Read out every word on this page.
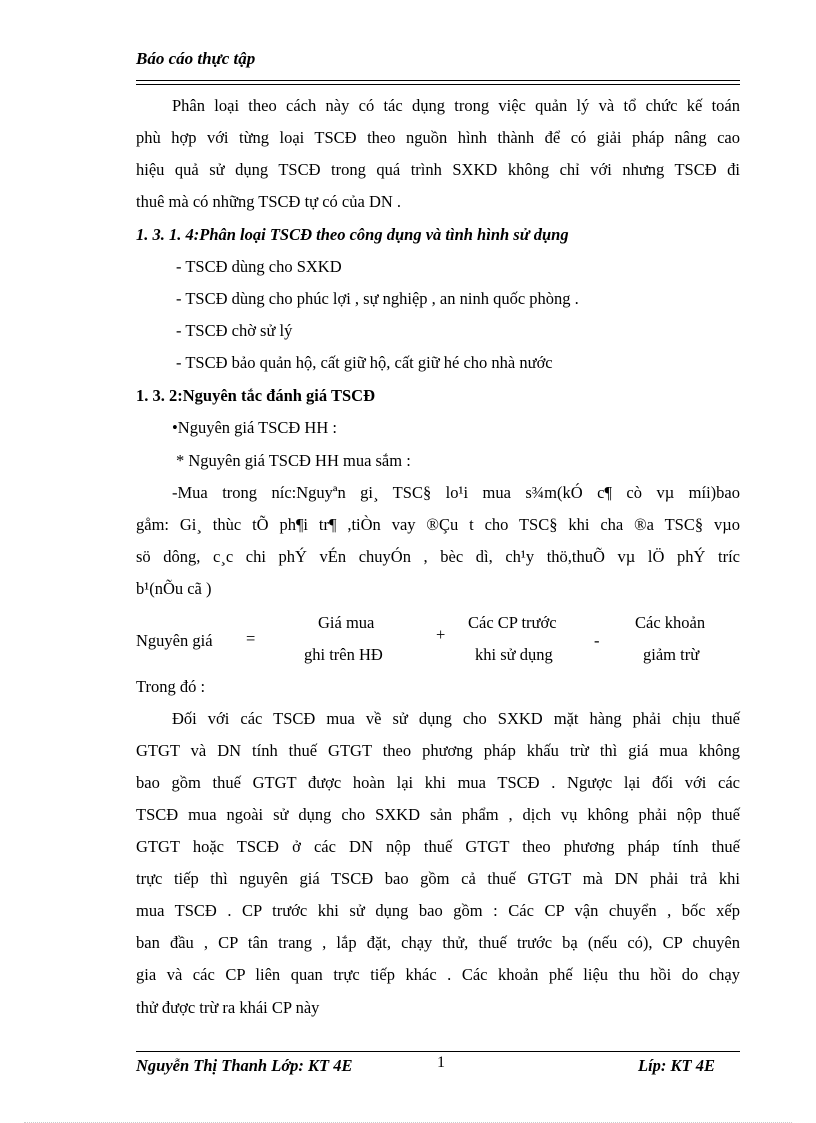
Báo cáo thực tập
Phân loại theo cách này có tác dụng trong việc quản lý và tổ chức kế toán
phù hợp với từng loại TSCĐ theo nguồn hình thành để có giải pháp nâng cao
hiệu quả sử dụng TSCĐ trong quá trình SXKD không chỉ với nhưng TSCĐ đi
thuê mà có những TSCĐ tự có của DN .
1. 3. 1. 4:Phân loại TSCĐ theo công dụng và tình hình sử dụng
- TSCĐ dùng cho SXKD
- TSCĐ dùng cho phúc lợi , sự nghiệp , an ninh quốc phòng .
- TSCĐ chờ sử lý
- TSCĐ bảo quản hộ, cất giữ hộ, cất giữ hé cho nhà nước
1. 3. 2:Nguyên tắc đánh giá TSCĐ
•Nguyên giá TSCĐ HH :
* Nguyên giá TSCĐ HH mua sắm :
-Mua trong níc:Nguyªn gi¸ TSC§ lo¹i mua s¾m(kÓ c¶ cò vµ míi)bao
gåm: Gi¸ thùc tÕ ph¶i tr¶ ,tiÒn vay ®Çu t cho TSC§ khi cha ®a TSC§ vµo
sö dông, c¸c chi phÝ vÉn chuyÓn , bèc dì, ch¹y thö,thuÕ vµ lÖ phÝ tríc
b¹(nÕu cã )
Nguyên giá =
Giá mua
ghi trên HĐ
+
Các CP trước
khi sử dụng
-
Các khoản
giảm trừ
Trong đó :
Đối với các TSCĐ mua về sử dụng cho SXKD mặt hàng phải chịu thuế
GTGT và DN tính thuế GTGT theo phương pháp khấu trừ thì giá mua không
bao gồm thuế GTGT được hoàn lại khi mua TSCĐ . Ngược lại đối với các
TSCĐ mua ngoài sử dụng cho SXKD sản phẩm , dịch vụ không phải nộp thuế
GTGT hoặc TSCĐ ở các DN nộp thuế GTGT theo phương pháp tính thuế
trực tiếp thì nguyên giá TSCĐ bao gồm cả thuế GTGT mà DN phải trả khi
mua TSCĐ . CP trước khi sử dụng bao gồm : Các CP vận chuyển , bốc xếp
ban đầu , CP tân trang , lắp đặt, chạy thử, thuế trước bạ (nếu có), CP chuyên
gia và các CP liên quan trực tiếp khác . Các khoản phế liệu thu hồi do chạy
thử được trừ ra khái CP này
Nguyễn Thị Thanh Lớp: KT 4E	1	Líp: KT 4E
